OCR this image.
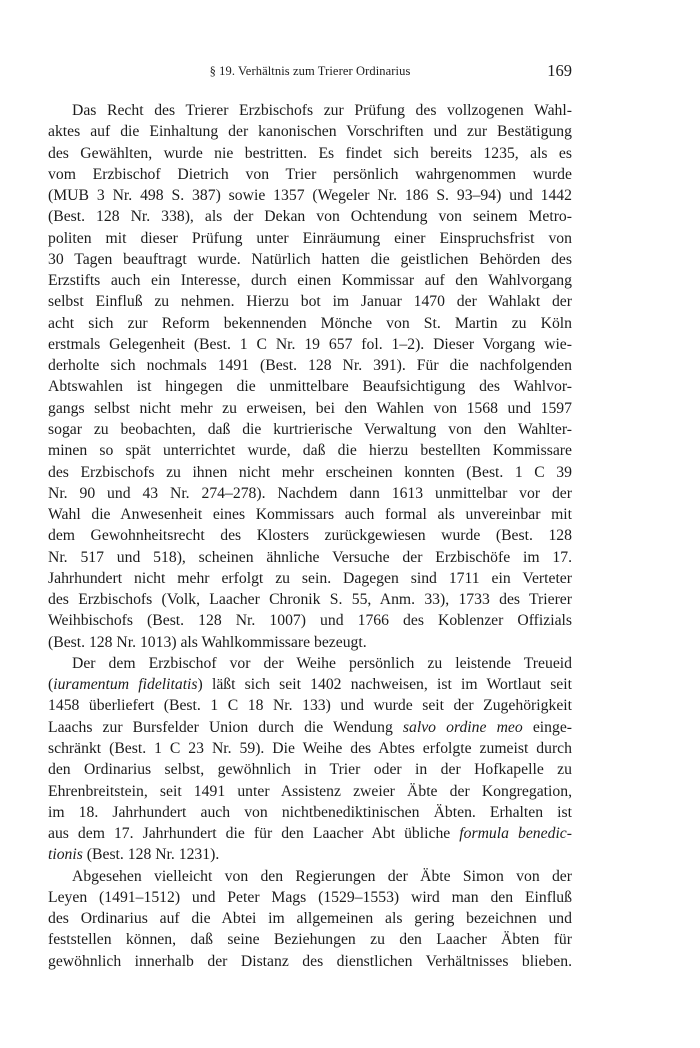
§ 19. Verhältnis zum Trierer Ordinarius	169

Das Recht des Trierer Erzbischofs zur Prüfung des vollzogenen Wahl-
aktes auf die Einhaltung der kanonischen Vorschriften und zur Bestätigung
des Gewählten, wurde nie bestritten. Es findet sich bereits 1235, als es
vom Erzbischof Dietrich von Trier persönlich wahrgenommen wurde
(MUB 3 Nr. 498 S. 387) sowie 1357 (Wegeler Nr. 186 S. 93–94) und 1442
(Best. 128 Nr. 338), als der Dekan von Ochtendung von seinem Metro-
politen mit dieser Prüfung unter Einräumung einer Einspruchsfrist von
30 Tagen beauftragt wurde. Natürlich hatten die geistlichen Behörden des
Erzstifts auch ein Interesse, durch einen Kommissar auf den Wahlvorgang
selbst Einfluß zu nehmen. Hierzu bot im Januar 1470 der Wahlakt der
acht sich zur Reform bekennenden Mönche von St. Martin zu Köln
erstmals Gelegenheit (Best. 1 C Nr. 19 657 fol. 1–2). Dieser Vorgang wie-
derholte sich nochmals 1491 (Best. 128 Nr. 391). Für die nachfolgenden
Abtswahlen ist hingegen die unmittelbare Beaufsichtigung des Wahlvor-
gangs selbst nicht mehr zu erweisen, bei den Wahlen von 1568 und 1597
sogar zu beobachten, daß die kurtrierische Verwaltung von den Wahlter-
minen so spät unterrichtet wurde, daß die hierzu bestellten Kommissare
des Erzbischofs zu ihnen nicht mehr erscheinen konnten (Best. 1 C 39
Nr. 90 und 43 Nr. 274–278). Nachdem dann 1613 unmittelbar vor der
Wahl die Anwesenheit eines Kommissars auch formal als unvereinbar mit
dem Gewohnheitsrecht des Klosters zurückgewiesen wurde (Best. 128
Nr. 517 und 518), scheinen ähnliche Versuche der Erzbischöfe im 17.
Jahrhundert nicht mehr erfolgt zu sein. Dagegen sind 1711 ein Verteter
des Erzbischofs (Volk, Laacher Chronik S. 55, Anm. 33), 1733 des Trierer
Weihbischofs (Best. 128 Nr. 1007) und 1766 des Koblenzer Offizials
(Best. 128 Nr. 1013) als Wahlkommissare bezeugt.

Der dem Erzbischof vor der Weihe persönlich zu leistende Treueid
(iuramentum fidelitatis) läßt sich seit 1402 nachweisen, ist im Wortlaut seit
1458 überliefert (Best. 1 C 18 Nr. 133) und wurde seit der Zugehörigkeit
Laachs zur Bursfelder Union durch die Wendung salvo ordine meo einge-
schränkt (Best. 1 C 23 Nr. 59). Die Weihe des Abtes erfolgte zumeist durch
den Ordinarius selbst, gewöhnlich in Trier oder in der Hofkapelle zu
Ehrenbreitstein, seit 1491 unter Assistenz zweier Äbte der Kongregation,
im 18. Jahrhundert auch von nichtbenediktinischen Äbten. Erhalten ist
aus dem 17. Jahrhundert die für den Laacher Abt übliche formula benedic-
tionis (Best. 128 Nr. 1231).

Abgesehen vielleicht von den Regierungen der Äbte Simon von der
Leyen (1491–1512) und Peter Mags (1529–1553) wird man den Einfluß
des Ordinarius auf die Abtei im allgemeinen als gering bezeichnen und
feststellen können, daß seine Beziehungen zu den Laacher Äbten für
gewöhnlich innerhalb der Distanz des dienstlichen Verhältnisses blieben.
